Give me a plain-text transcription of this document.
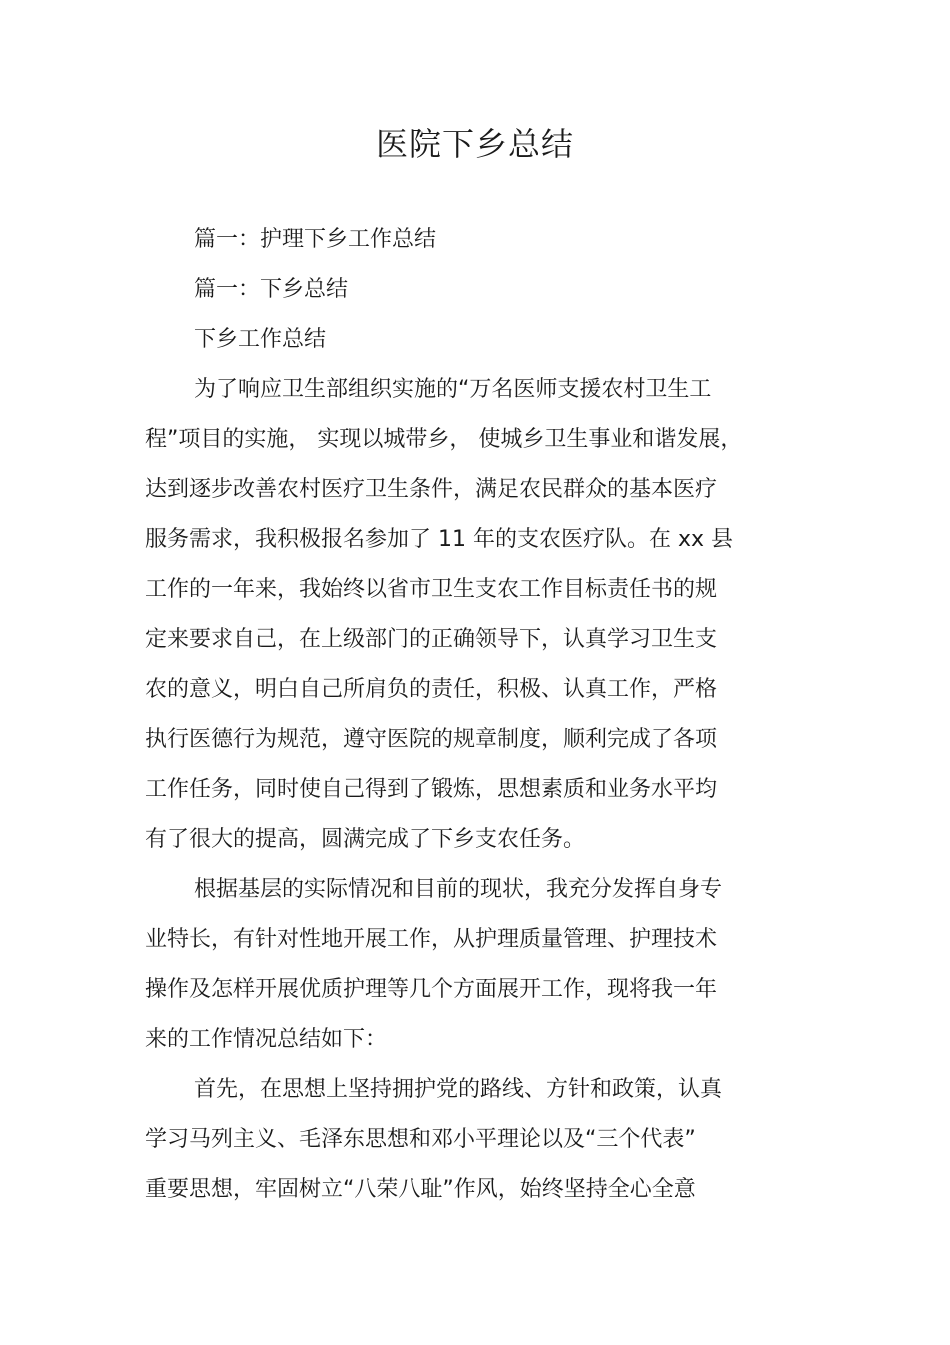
医院下乡总结
篇一：护理下乡工作总结
篇一：下乡总结
下乡工作总结
为了响应卫生部组织实施的“万名医师支援农村卫生工
程”项目的实施， 实现以城带乡， 使城乡卫生事业和谐发展，
达到逐步改善农村医疗卫生条件，满足农民群众的基本医疗
服务需求，我积极报名参加了 11 年的支农医疗队。在 xx 县
工作的一年来，我始终以省市卫生支农工作目标责任书的规
定来要求自己，在上级部门的正确领导下，认真学习卫生支
农的意义，明白自己所肩负的责任，积极、认真工作，严格
执行医德行为规范，遵守医院的规章制度，顺利完成了各项
工作任务，同时使自己得到了锻炼，思想素质和业务水平均
有了很大的提高，圆满完成了下乡支农任务。
根据基层的实际情况和目前的现状，我充分发挥自身专
业特长，有针对性地开展工作，从护理质量管理、护理技术
操作及怎样开展优质护理等几个方面展开工作，现将我一年
来的工作情况总结如下：
首先，在思想上坚持拥护党的路线、方针和政策，认真
学习马列主义、毛泽东思想和邓小平理论以及“三个代表”
重要思想，牢固树立“八荣八耻”作风，始终坚持全心全意
